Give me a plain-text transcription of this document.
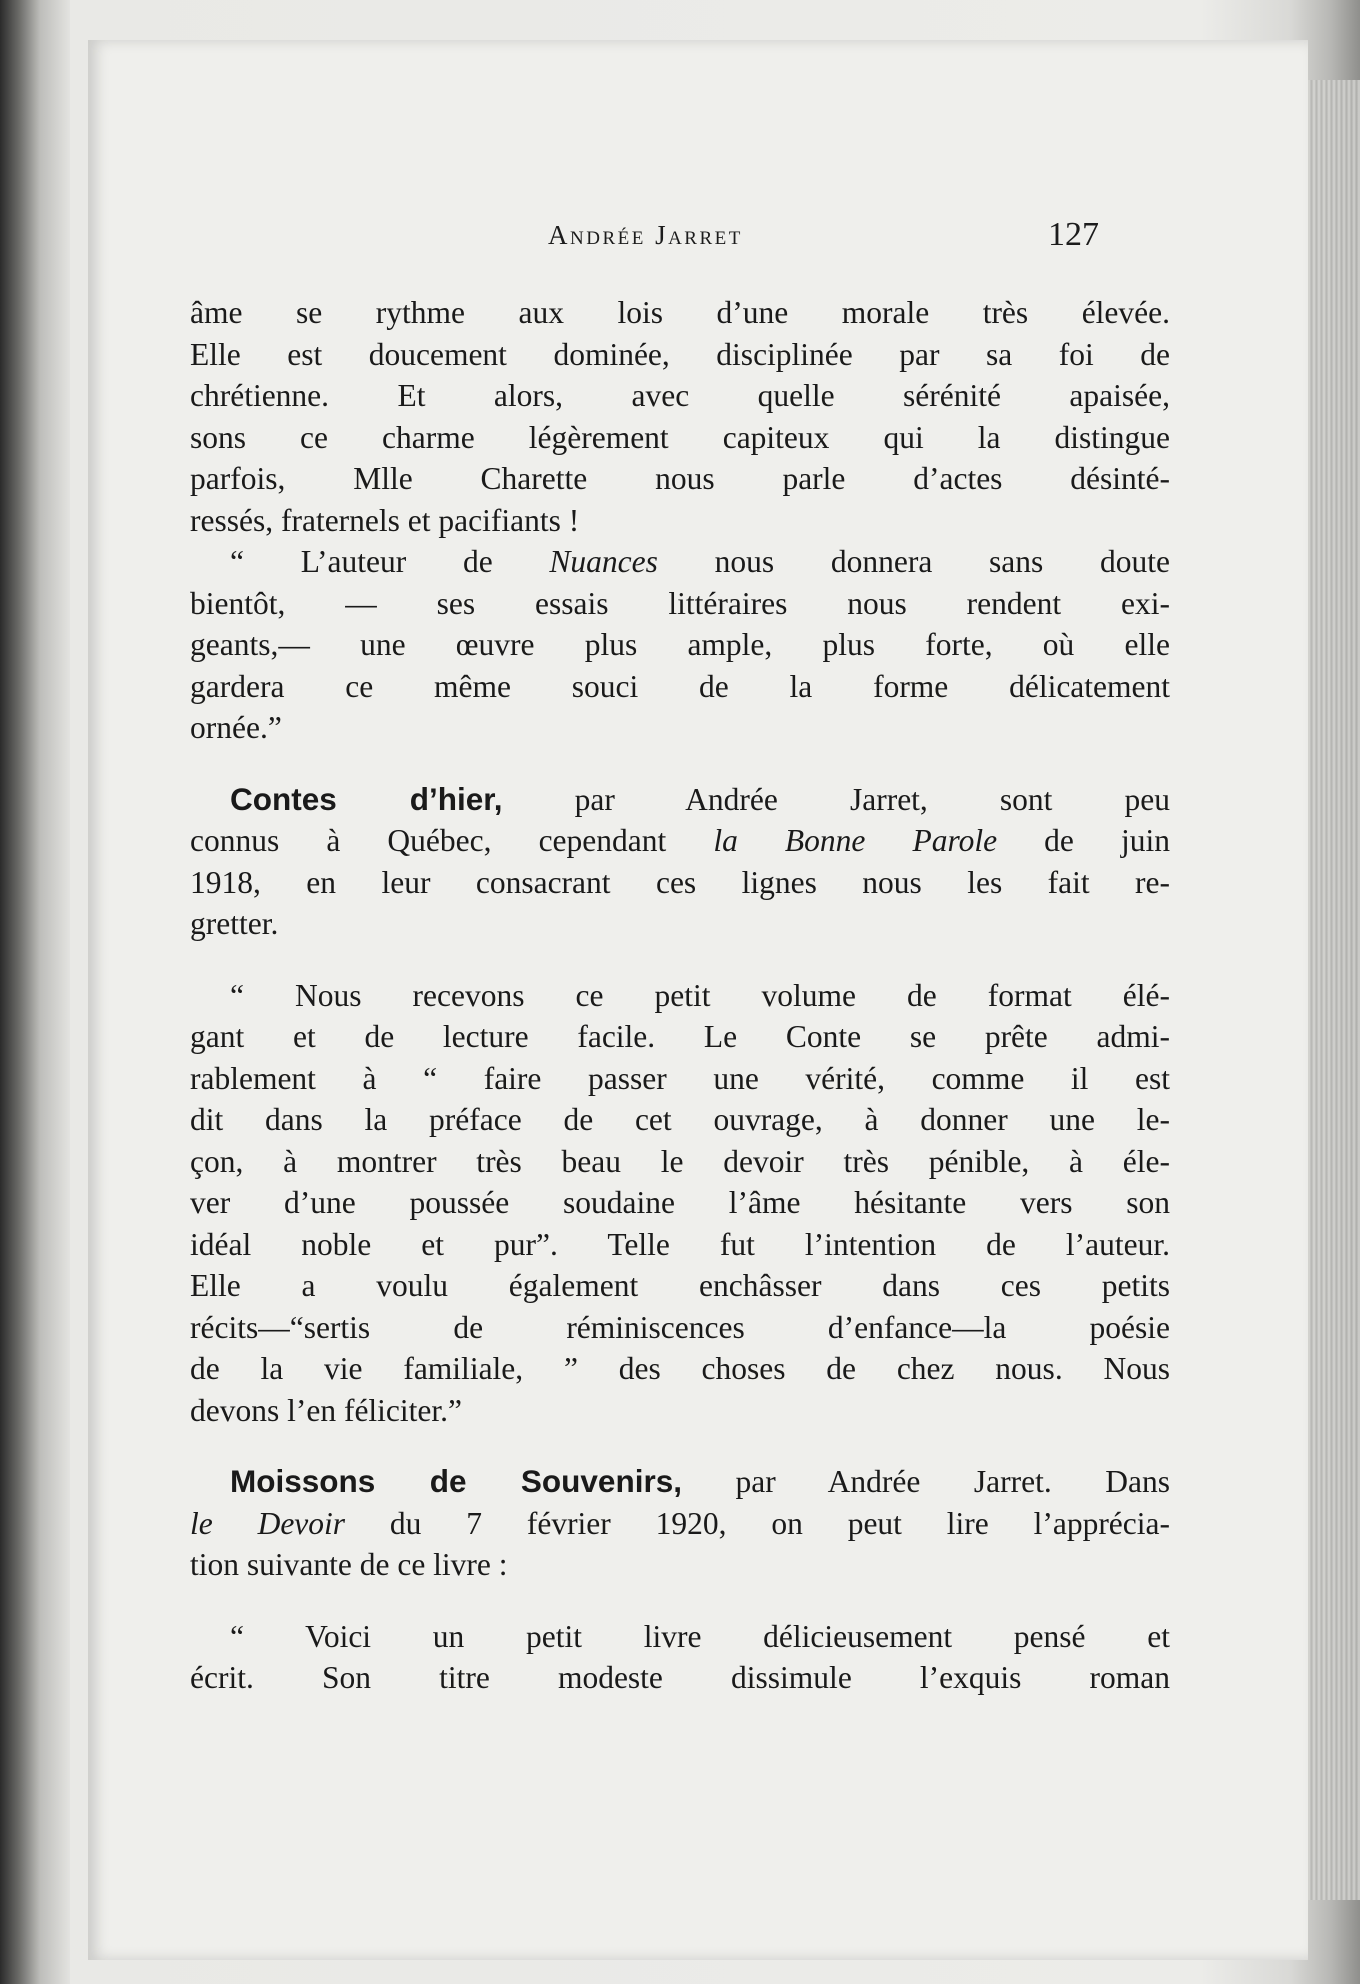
Andrée Jarret	127
âme se rythme aux lois d’une morale très élevée.
Elle est doucement dominée, disciplinée par sa foi de
chrétienne. Et alors, avec quelle sérénité apaisée,
sons ce charme légèrement capiteux qui la distingue
parfois, Mlle Charette nous parle d’actes désinté-
ressés, fraternels et pacifiants !
“ L’auteur de Nuances nous donnera sans doute
bientôt, — ses essais littéraires nous rendent exi-
geants,— une œuvre plus ample, plus forte, où elle
gardera ce même souci de la forme délicatement
ornée.”
Contes d’hier, par Andrée Jarret, sont peu
connus à Québec, cependant la Bonne Parole de juin
1918, en leur consacrant ces lignes nous les fait re-
gretter.
“ Nous recevons ce petit volume de format élé-
gant et de lecture facile. Le Conte se prête admi-
rablement à “ faire passer une vérité, comme il est
dit dans la préface de cet ouvrage, à donner une le-
çon, à montrer très beau le devoir très pénible, à éle-
ver d’une poussée soudaine l’âme hésitante vers son
idéal noble et pur”. Telle fut l’intention de l’auteur.
Elle a voulu également enchâsser dans ces petits
récits—“sertis de réminiscences d’enfance—la poésie
de la vie familiale, ” des choses de chez nous. Nous
devons l’en féliciter.”
Moissons de Souvenirs, par Andrée Jarret. Dans
le Devoir du 7 février 1920, on peut lire l’apprécia-
tion suivante de ce livre :
“ Voici un petit livre délicieusement pensé et
écrit. Son titre modeste dissimule l’exquis roman
